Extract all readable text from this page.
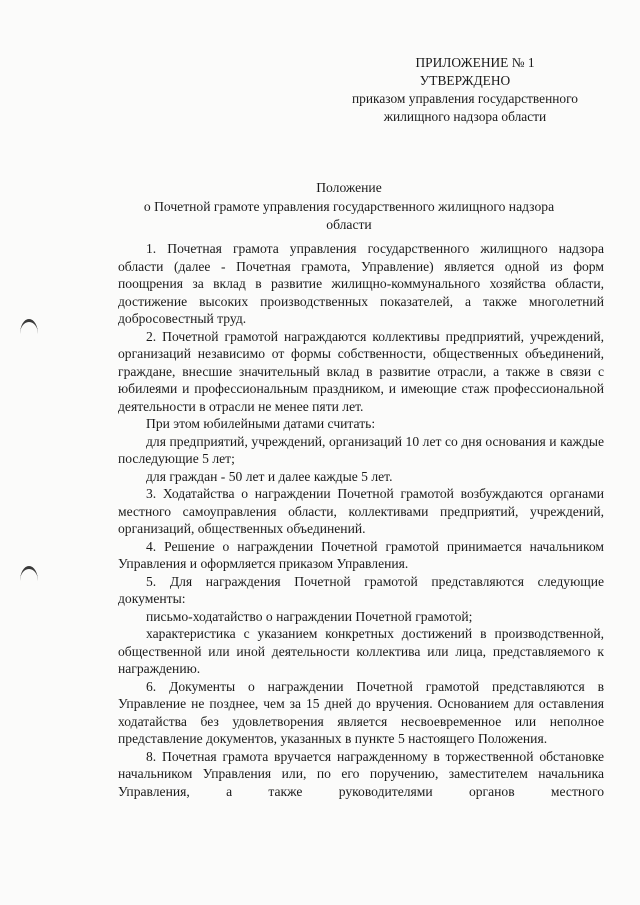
ПРИЛОЖЕНИЕ № 1
УТВЕРЖДЕНО
приказом управления государственного
жилищного надзора области
Положение
о Почетной грамоте управления государственного жилищного надзора
области

1. Почетная грамота управления государственного жилищного надзора области (далее - Почетная грамота, Управление) является одной из форм поощрения за вклад в развитие жилищно-коммунального хозяйства области, достижение высоких производственных показателей, а также многолетний добросовестный труд.

2. Почетной грамотой награждаются коллективы предприятий, учреждений, организаций независимо от формы собственности, общественных объединений, граждане, внесшие значительный вклад в развитие отрасли, а также в связи с юбилеями и профессиональным праздником, и имеющие стаж профессиональной деятельности в отрасли не менее пяти лет.

При этом юбилейными датами считать:

для предприятий, учреждений, организаций 10 лет со дня основания и каждые последующие 5 лет;

для граждан - 50 лет и далее каждые 5 лет.

3. Ходатайства о награждении Почетной грамотой возбуждаются органами местного самоуправления области, коллективами предприятий, учреждений, организаций, общественных объединений.

4. Решение о награждении Почетной грамотой принимается начальником Управления и оформляется приказом Управления.

5. Для награждения Почетной грамотой представляются следующие документы:

письмо-ходатайство о награждении Почетной грамотой;

характеристика с указанием конкретных достижений в производственной, общественной или иной деятельности коллектива или лица, представляемого к награждению.

6. Документы о награждении Почетной грамотой представляются в Управление не позднее, чем за 15 дней до вручения. Основанием для оставления ходатайства без удовлетворения является несвоевременное или неполное представление документов, указанных в пункте 5 настоящего Положения.

8. Почетная грамота вручается награжденному в торжественной обстановке начальником Управления или, по его поручению, заместителем начальника Управления, а также руководителями органов местного
